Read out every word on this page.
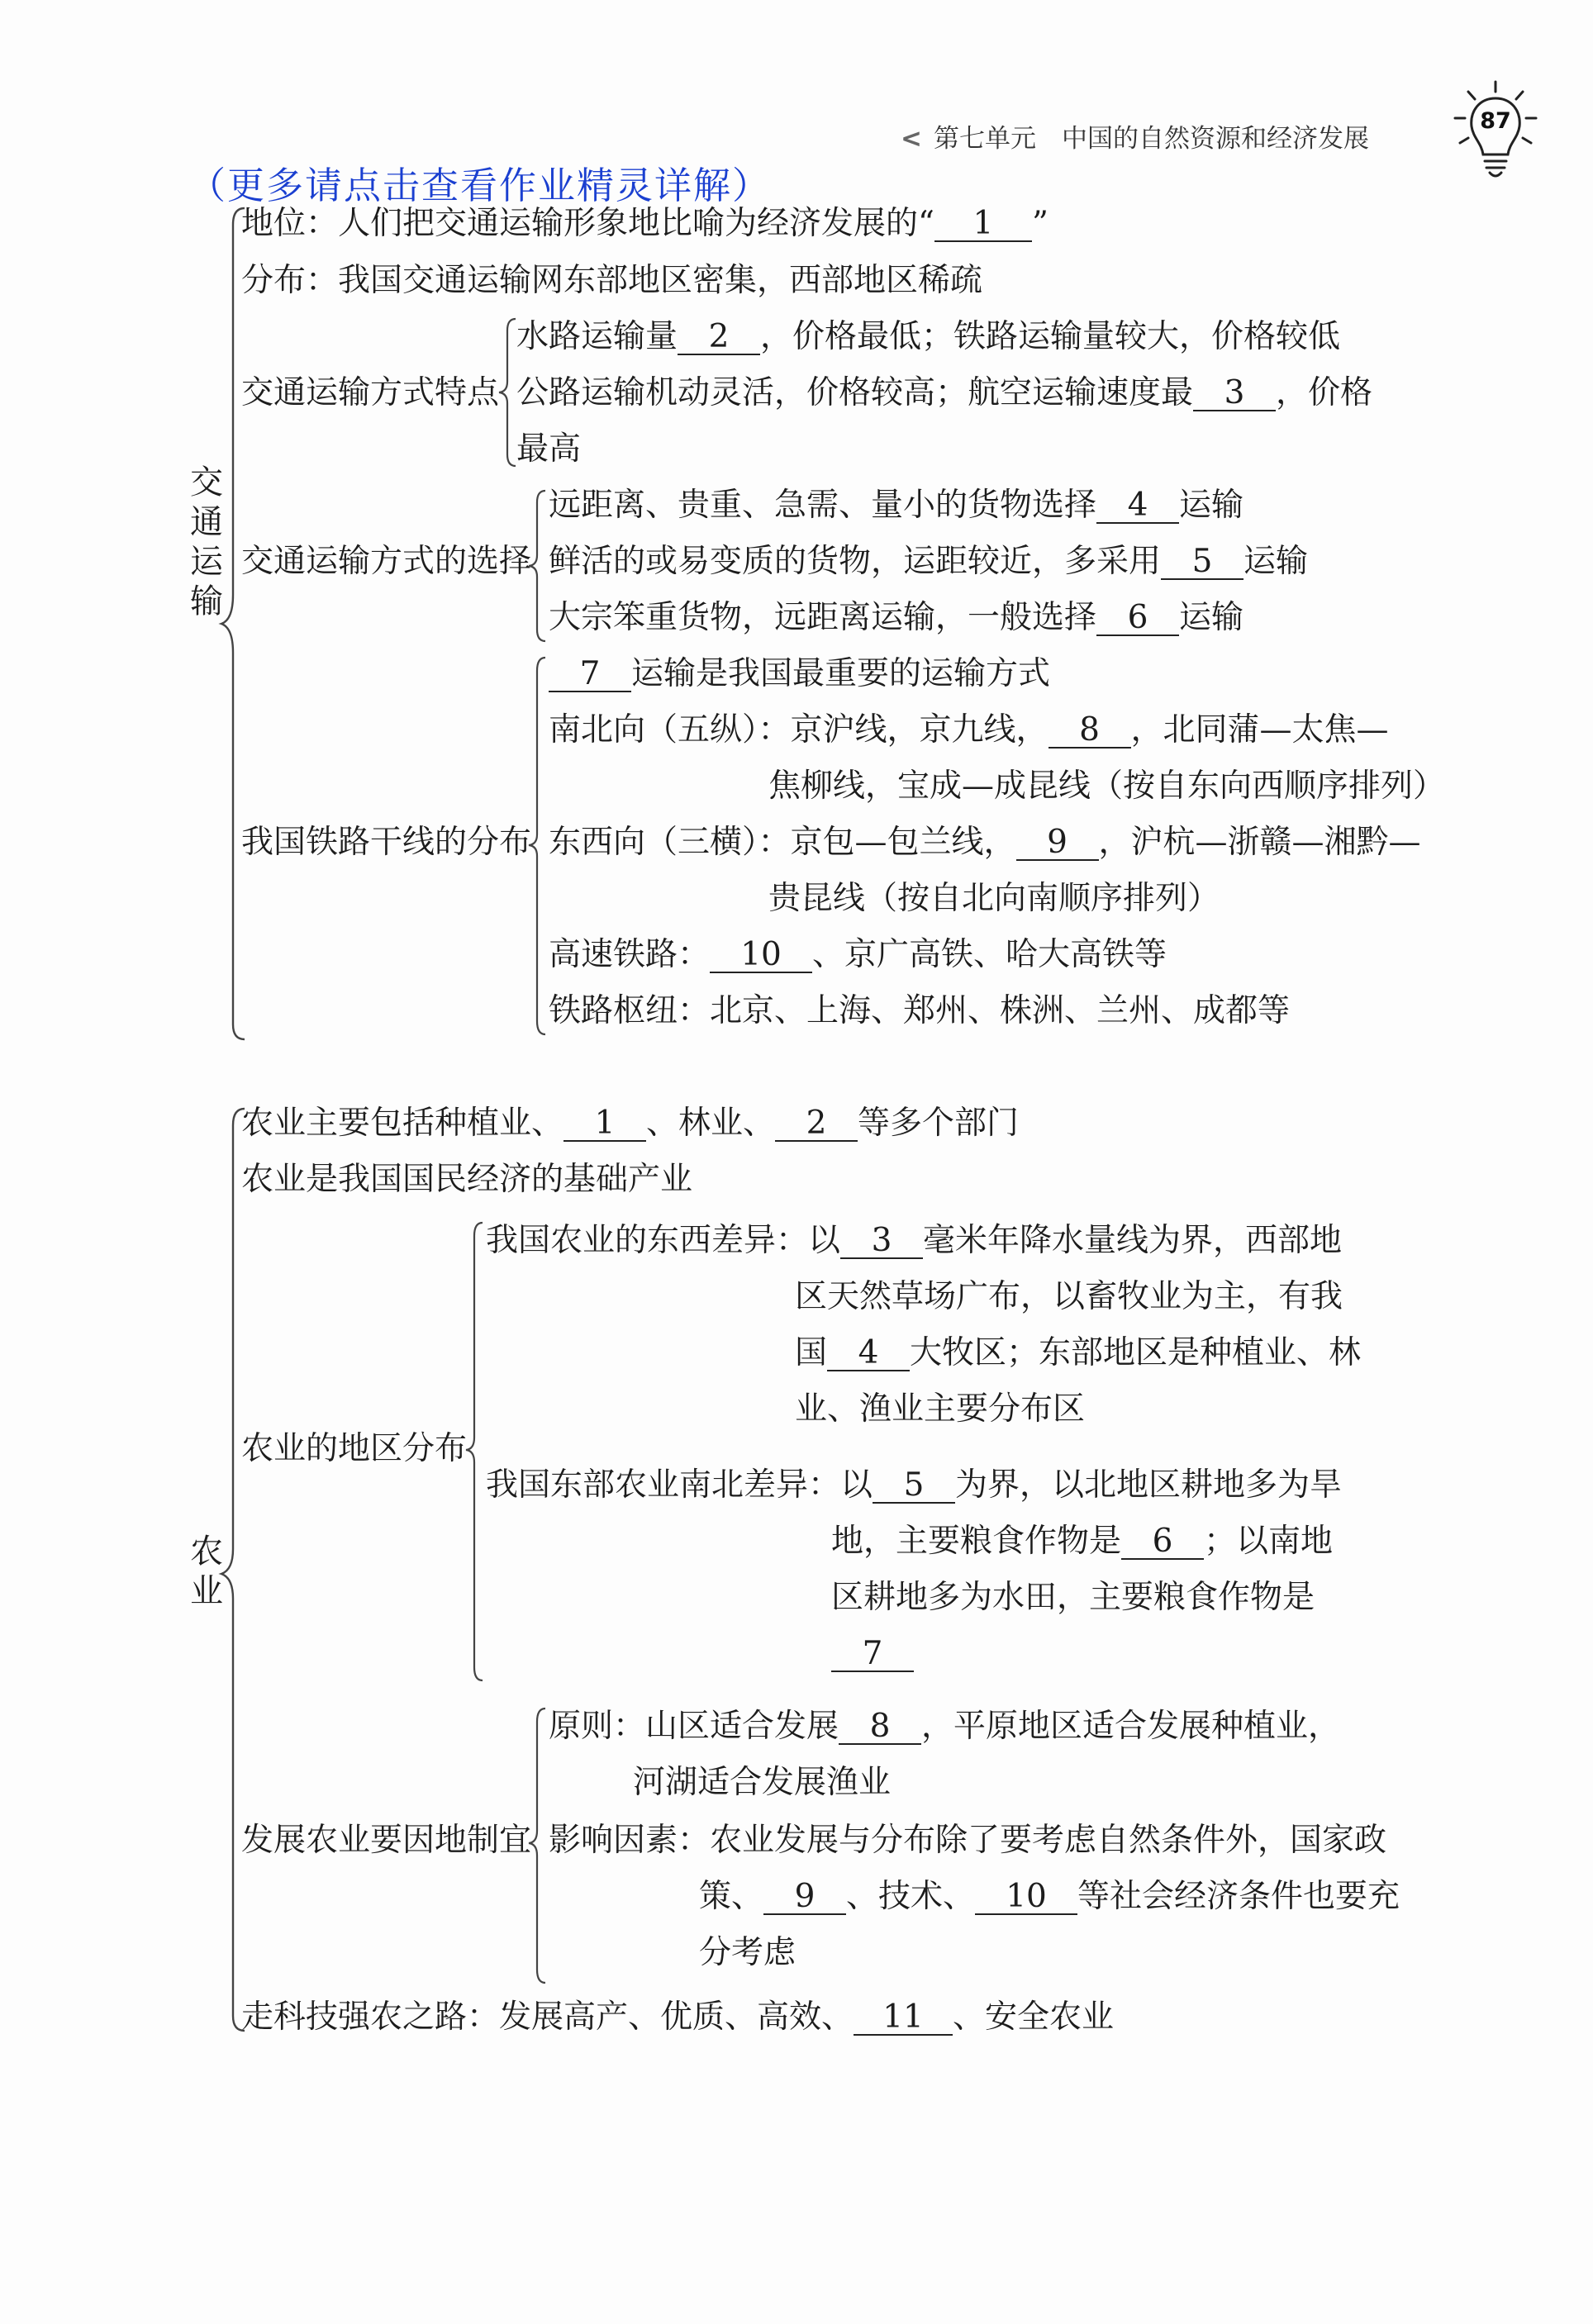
< 第七单元　中国的自然资源和经济发展
87
（更多请点击查看作业精灵详解）
交通运输
地位：人们把交通运输形象地比喻为经济发展的“ 1 ”
分布：我国交通运输网东部地区密集，西部地区稀疏
交通运输方式特点
水路运输量 2 ，价格最低；铁路运输量较大，价格较低
公路运输机动灵活，价格较高；航空运输速度最 3 ，价格
最高
交通运输方式的选择
远距离、贵重、急需、量小的货物选择 4 运输
鲜活的或易变质的货物，运距较近，多采用 5 运输
大宗笨重货物，远距离运输，一般选择 6 运输
我国铁路干线的分布
7 运输是我国最重要的运输方式
南北向（五纵）：京沪线，京九线， 8 ，北同蒲—太焦—
焦柳线，宝成—成昆线（按自东向西顺序排列）
东西向（三横）：京包—包兰线， 9 ，沪杭—浙赣—湘黔—
贵昆线（按自北向南顺序排列）
高速铁路： 10 、京广高铁、哈大高铁等
铁路枢纽：北京、上海、郑州、株洲、兰州、成都等
农业
农业主要包括种植业、 1 、林业、 2 等多个部门
农业是我国国民经济的基础产业
农业的地区分布
我国农业的东西差异：以 3 毫米年降水量线为界，西部地
区天然草场广布，以畜牧业为主，有我
国 4 大牧区；东部地区是种植业、林
业、渔业主要分布区
我国东部农业南北差异：以 5 为界，以北地区耕地多为旱
地，主要粮食作物是 6 ；以南地
区耕地多为水田，主要粮食作物是
7
发展农业要因地制宜
原则：山区适合发展 8 ，平原地区适合发展种植业，
河湖适合发展渔业
影响因素：农业发展与分布除了要考虑自然条件外，国家政
策、 9 、技术、 10 等社会经济条件也要充
分考虑
走科技强农之路：发展高产、优质、高效、 11 、安全农业
